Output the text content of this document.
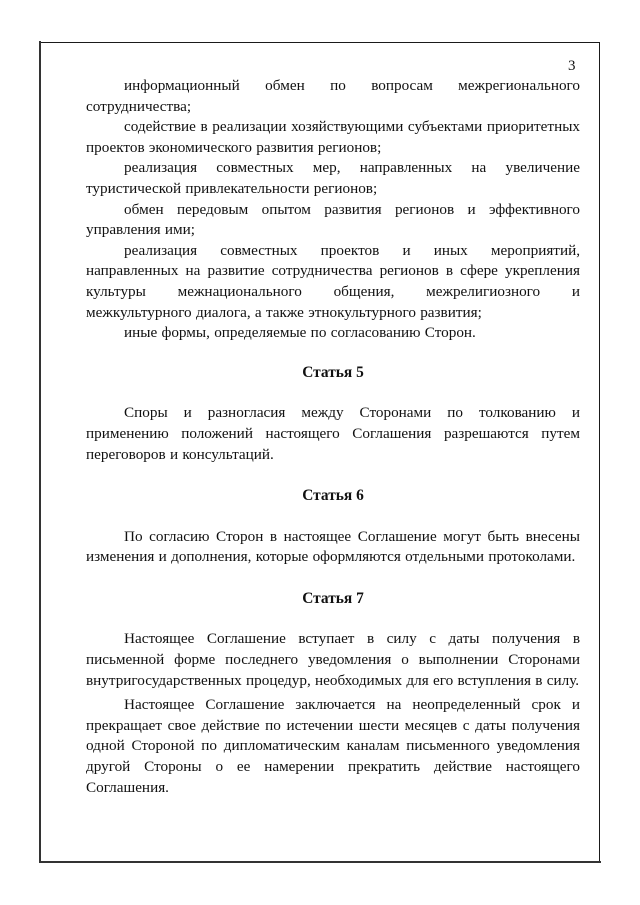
3

информационный обмен по вопросам межрегионального сотрудничества;

содействие в реализации хозяйствующими субъектами приоритетных проектов экономического развития регионов;

реализация совместных мер, направленных на увеличение туристической привлекательности регионов;

обмен передовым опытом развития регионов и эффективного управления ими;

реализация совместных проектов и иных мероприятий, направленных на развитие сотрудничества регионов в сфере укрепления культуры межнационального общения, межрелигиозного и межкультурного диалога, а также этнокультурного развития;

иные формы, определяемые по согласованию Сторон.

Статья 5

Споры и разногласия между Сторонами по толкованию и применению положений настоящего Соглашения разрешаются путем переговоров и консультаций.

Статья 6

По согласию Сторон в настоящее Соглашение могут быть внесены изменения и дополнения, которые оформляются отдельными протоколами.

Статья 7

Настоящее Соглашение вступает в силу с даты получения в письменной форме последнего уведомления о выполнении Сторонами внутригосударственных процедур, необходимых для его вступления в силу.

Настоящее Соглашение заключается на неопределенный срок и прекращает свое действие по истечении шести месяцев с даты получения одной Стороной по дипломатическим каналам письменного уведомления другой Стороны о ее намерении прекратить действие настоящего Соглашения.
